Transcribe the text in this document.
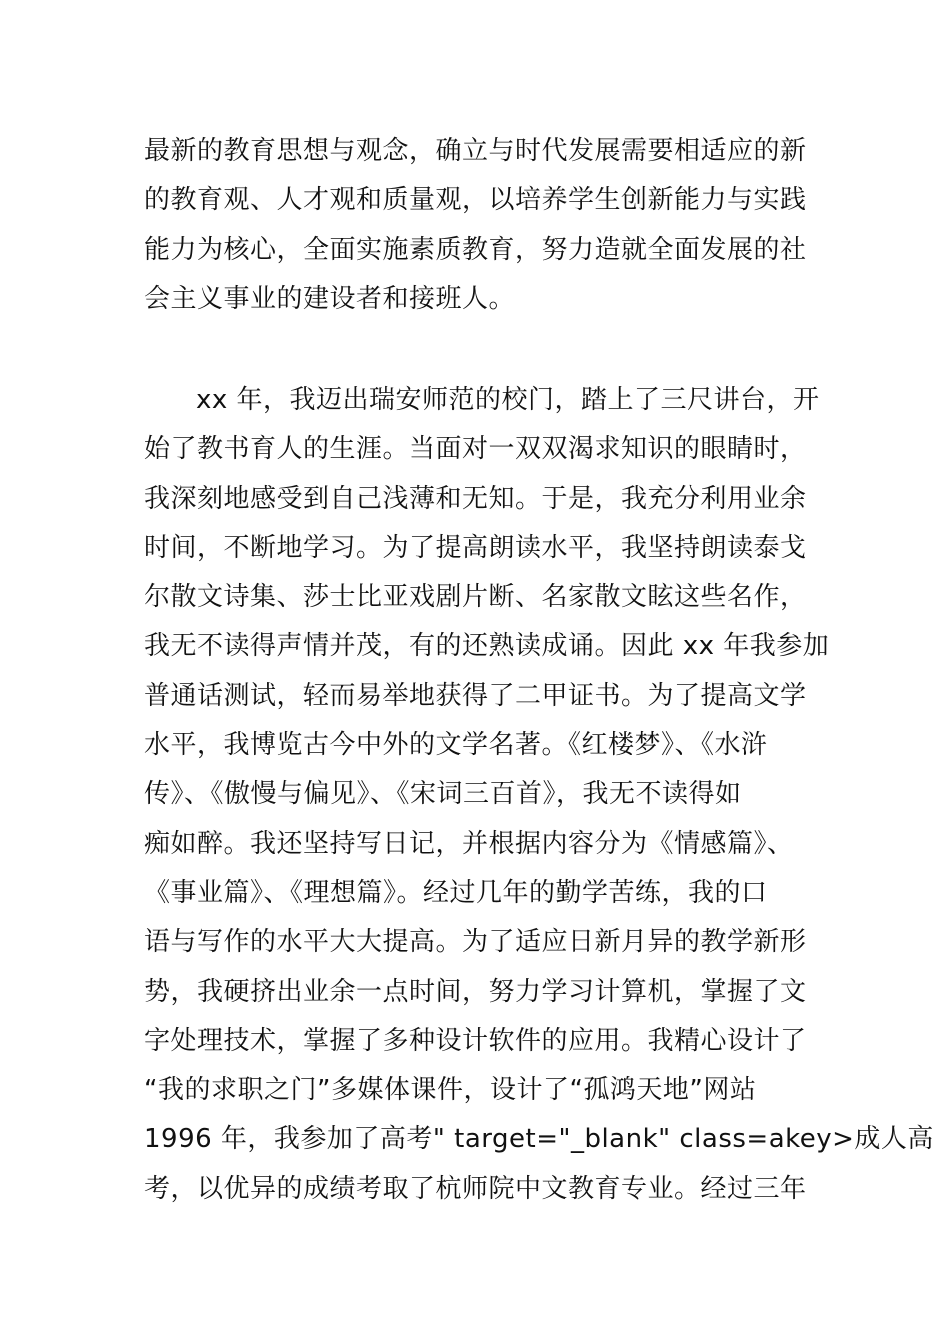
最新的教育思想与观念，确立与时代发展需要相适应的新
的教育观、人才观和质量观，以培养学生创新能力与实践
能力为核心，全面实施素质教育，努力造就全面发展的社
会主义事业的建设者和接班人。
xx 年，我迈出瑞安师范的校门，踏上了三尺讲台，开
始了教书育人的生涯。当面对一双双渴求知识的眼睛时，
我深刻地感受到自己浅薄和无知。于是，我充分利用业余
时间，不断地学习。为了提高朗读水平，我坚持朗读泰戈
尔散文诗集、莎士比亚戏剧片断、名家散文眩这些名作，
我无不读得声情并茂，有的还熟读成诵。因此 xx 年我参加
普通话测试，轻而易举地获得了二甲证书。为了提高文学
水平，我博览古今中外的文学名著。《红楼梦》、《水浒
传》、《傲慢与偏见》、《宋词三百首》，我无不读得如
痴如醉。我还坚持写日记，并根据内容分为《情感篇》、
《事业篇》、《理想篇》。经过几年的勤学苦练，我的口
语与写作的水平大大提高。为了适应日新月异的教学新形
势，我硬挤出业余一点时间，努力学习计算机，掌握了文
字处理技术，掌握了多种设计软件的应用。我精心设计了
“我的求职之门”多媒体课件，设计了“孤鸿天地”网站
1996 年，我参加了高考" target="_blank" class=akey>成人高
考，以优异的成绩考取了杭师院中文教育专业。经过三年
